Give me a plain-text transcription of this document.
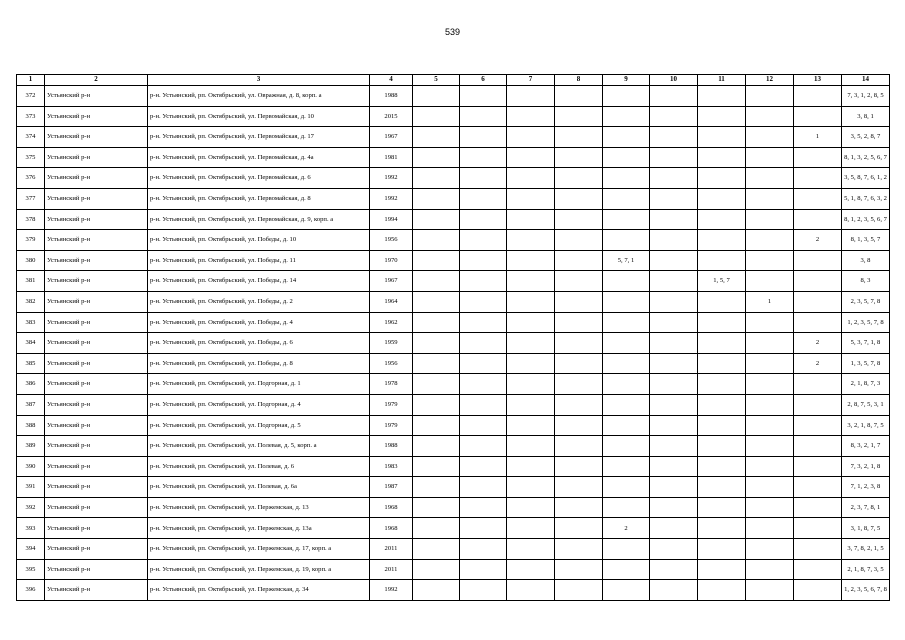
539
1	2	3	4	5	6	7	8	9	10	11	12	13	14
372	Устьянский р-н	р-н. Устьянский, рп. Октябрьский, ул. Овражная, д. 8, корп. а	1988										7, 3, 1, 2, 8, 5
373	Устьянский р-н	р-н. Устьянский, рп. Октябрьский, ул. Первомайская, д. 10	2015										3, 8, 1
374	Устьянский р-н	р-н. Устьянский, рп. Октябрьский, ул. Первомайская, д. 17	1967									1	3, 5, 2, 8, 7
375	Устьянский р-н	р-н. Устьянский, рп. Октябрьский, ул. Первомайская, д. 4а	1981										8, 1, 3, 2, 5, 6, 7
376	Устьянский р-н	р-н. Устьянский, рп. Октябрьский, ул. Первомайская, д. 6	1992										3, 5, 8, 7, 6, 1, 2
377	Устьянский р-н	р-н. Устьянский, рп. Октябрьский, ул. Первомайская, д. 8	1992										5, 1, 8, 7, 6, 3, 2
378	Устьянский р-н	р-н. Устьянский, рп. Октябрьский, ул. Первомайская, д. 9, корп. а	1994										8, 1, 2, 3, 5, 6, 7
379	Устьянский р-н	р-н. Устьянский, рп. Октябрьский, ул. Победы, д. 10	1956									2	8, 1, 3, 5, 7
380	Устьянский р-н	р-н. Устьянский, рп. Октябрьский, ул. Победы, д. 11	1970					5, 7, 1					3, 8
381	Устьянский р-н	р-н. Устьянский, рп. Октябрьский, ул. Победы, д. 14	1967							1, 5, 7			8, 3
382	Устьянский р-н	р-н. Устьянский, рп. Октябрьский, ул. Победы, д. 2	1964								1		2, 3, 5, 7, 8
383	Устьянский р-н	р-н. Устьянский, рп. Октябрьский, ул. Победы, д. 4	1962										1, 2, 3, 5, 7, 8
384	Устьянский р-н	р-н. Устьянский, рп. Октябрьский, ул. Победы, д. 6	1959									2	5, 3, 7, 1, 8
385	Устьянский р-н	р-н. Устьянский, рп. Октябрьский, ул. Победы, д. 8	1956									2	1, 3, 5, 7, 8
386	Устьянский р-н	р-н. Устьянский, рп. Октябрьский, ул. Подгорная, д. 1	1978										2, 1, 8, 7, 3
387	Устьянский р-н	р-н. Устьянский, рп. Октябрьский, ул. Подгорная, д. 4	1979										2, 8, 7, 5, 3, 1
388	Устьянский р-н	р-н. Устьянский, рп. Октябрьский, ул. Подгорная, д. 5	1979										3, 2, 1, 8, 7, 5
389	Устьянский р-н	р-н. Устьянский, рп. Октябрьский, ул. Полевая, д. 5, корп. а	1988										8, 3, 2, 1, 7
390	Устьянский р-н	р-н. Устьянский, рп. Октябрьский, ул. Полевая, д. 6	1983										7, 3, 2, 1, 8
391	Устьянский р-н	р-н. Устьянский, рп. Октябрьский, ул. Полевая, д. 6а	1987										7, 1, 2, 3, 8
392	Устьянский р-н	р-н. Устьянский, рп. Октябрьский, ул. Пержемская, д. 13	1968										2, 3, 7, 8, 1
393	Устьянский р-н	р-н. Устьянский, рп. Октябрьский, ул. Пержемская, д. 13а	1968					2					3, 1, 8, 7, 5
394	Устьянский р-н	р-н. Устьянский, рп. Октябрьский, ул. Пержемская, д. 17, корп. а	2011										3, 7, 8, 2, 1, 5
395	Устьянский р-н	р-н. Устьянский, рп. Октябрьский, ул. Пержемская, д. 19, корп. а	2011										2, 1, 8, 7, 3, 5
396	Устьянский р-н	р-н. Устьянский, рп. Октябрьский, ул. Пержемская, д. 34	1992										1, 2, 3, 5, 6, 7, 8
